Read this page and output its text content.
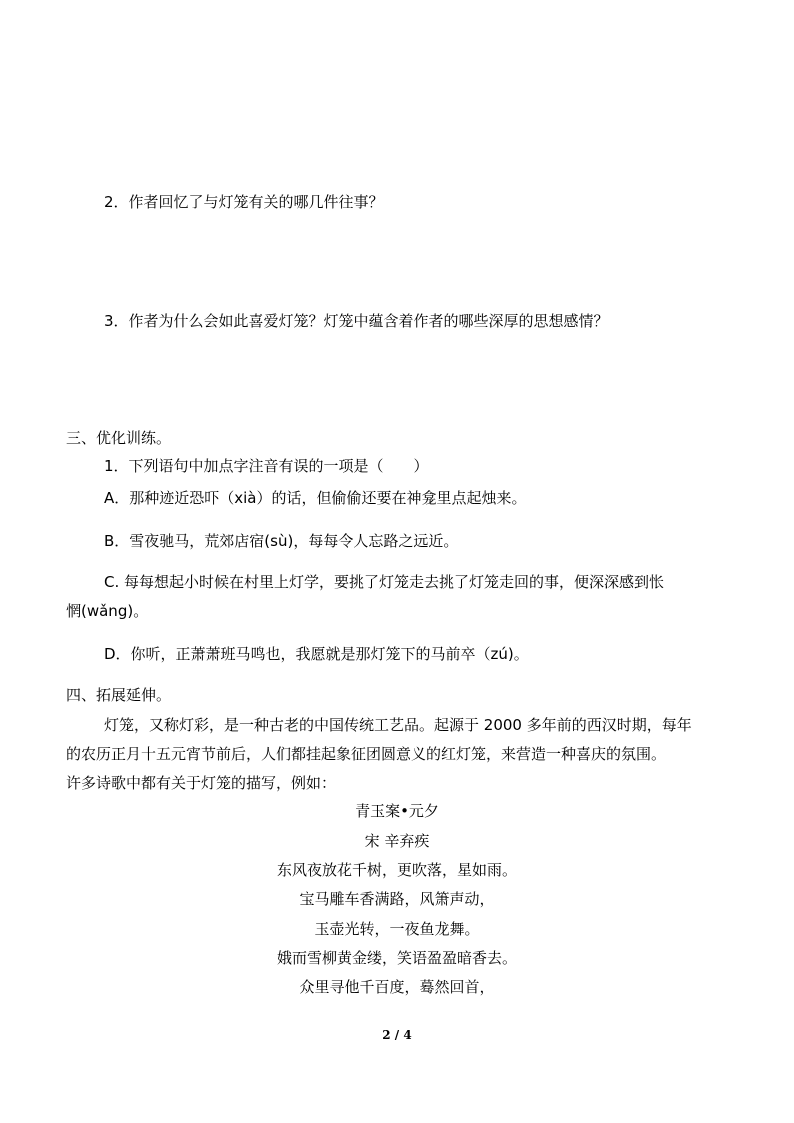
2．作者回忆了与灯笼有关的哪几件往事？
3．作者为什么会如此喜爱灯笼？灯笼中蕴含着作者的哪些深厚的思想感情？
三、优化训练。
1．下列语句中加点字注音有误的一项是（　　）
A．那种迹近恐吓（xià）的话，但偷偷还要在神龛里点起烛来。
B．雪夜驰马，荒郊店宿(sù)，每每令人忘路之远近。
C. 每每想起小时候在村里上灯学，要挑了灯笼走去挑了灯笼走回的事，便深深感到怅
惘(wǎng)。
D．你听，正萧萧班马鸣也，我愿就是那灯笼下的马前卒（zú)。
四、拓展延伸。
灯笼，又称灯彩，是一种古老的中国传统工艺品。起源于 2000 多年前的西汉时期，每年
的农历正月十五元宵节前后，人们都挂起象征团圆意义的红灯笼，来营造一种喜庆的氛围。
许多诗歌中都有关于灯笼的描写，例如：
青玉案•元夕
宋 辛弃疾
东风夜放花千树，更吹落，星如雨。
宝马雕车香满路，风箫声动，
玉壶光转，一夜鱼龙舞。
娥而雪柳黄金缕，笑语盈盈暗香去。
众里寻他千百度，蓦然回首，
2 / 4
